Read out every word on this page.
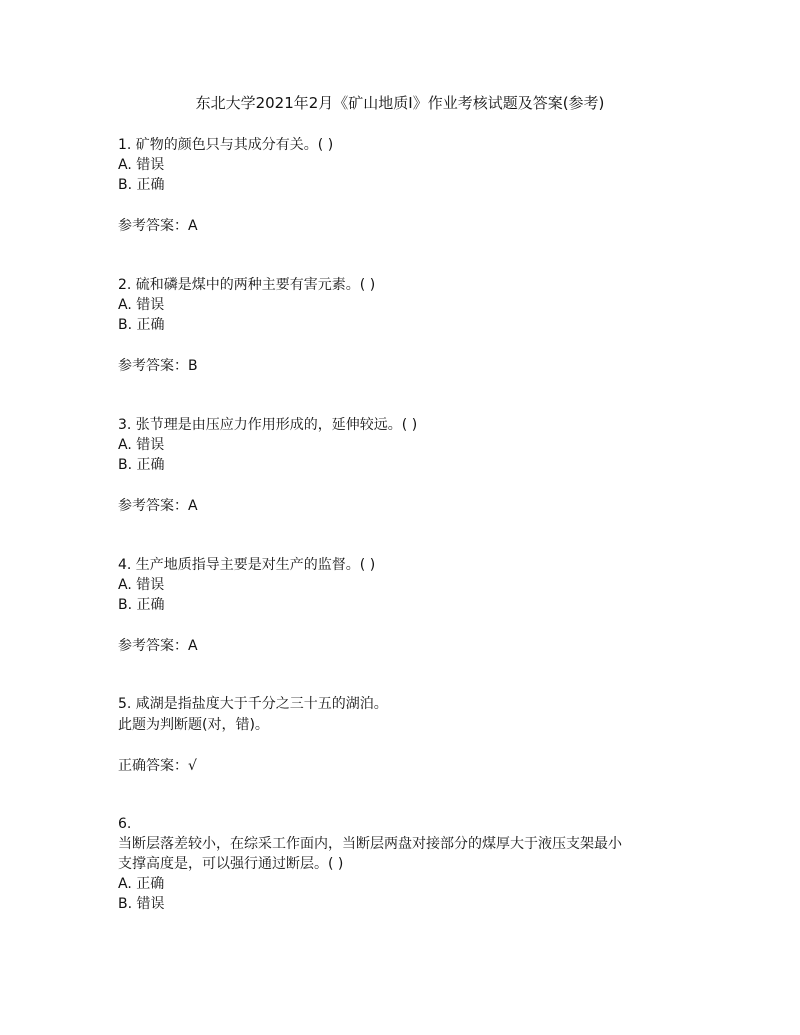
东北大学2021年2月《矿山地质I》作业考核试题及答案(参考)
1. 矿物的颜色只与其成分有关。( )
A. 错误
B. 正确
参考答案：A
2. 硫和磷是煤中的两种主要有害元素。( )
A. 错误
B. 正确
参考答案：B
3. 张节理是由压应力作用形成的，延伸较远。( )
A. 错误
B. 正确
参考答案：A
4. 生产地质指导主要是对生产的监督。( )
A. 错误
B. 正确
参考答案：A
5. 咸湖是指盐度大于千分之三十五的湖泊。
此题为判断题(对，错)。
正确答案：√
6.
当断层落差较小，在综采工作面内，当断层两盘对接部分的煤厚大于液压支架最小
支撑高度是，可以强行通过断层。( )
A. 正确
B. 错误
